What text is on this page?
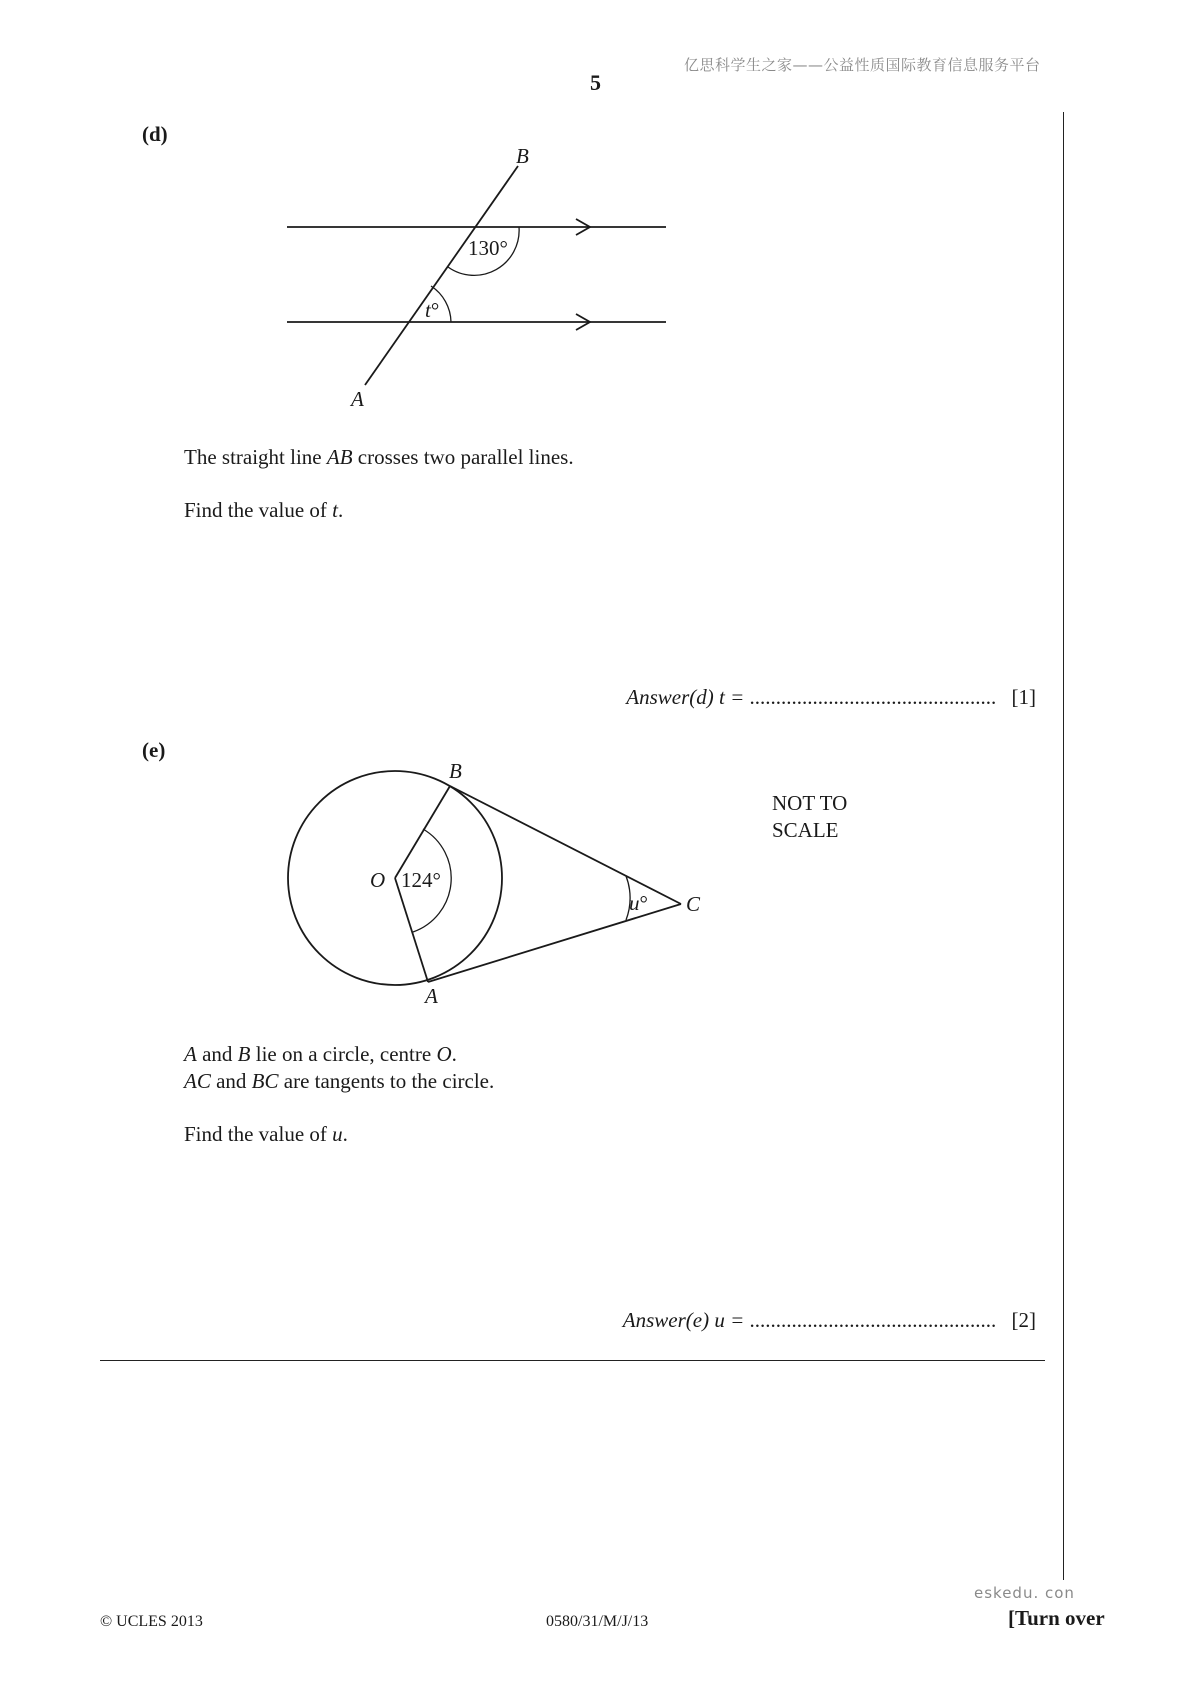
亿思科学生之家——公益性质国际教育信息服务平台
5
(d)
B
A
130°
t°
B
A
O
C
124°
u°
The straight line AB crosses two parallel lines.
Find the value of t.
Answer(d) t = ............................................... [1]
(e)
NOT TO
SCALE
A and B lie on a circle, centre O.
AC and BC are tangents to the circle.
Find the value of u.
Answer(e) u = ............................................... [2]
eskedu. con
© UCLES 2013	0580/31/M/J/13	[Turn over
